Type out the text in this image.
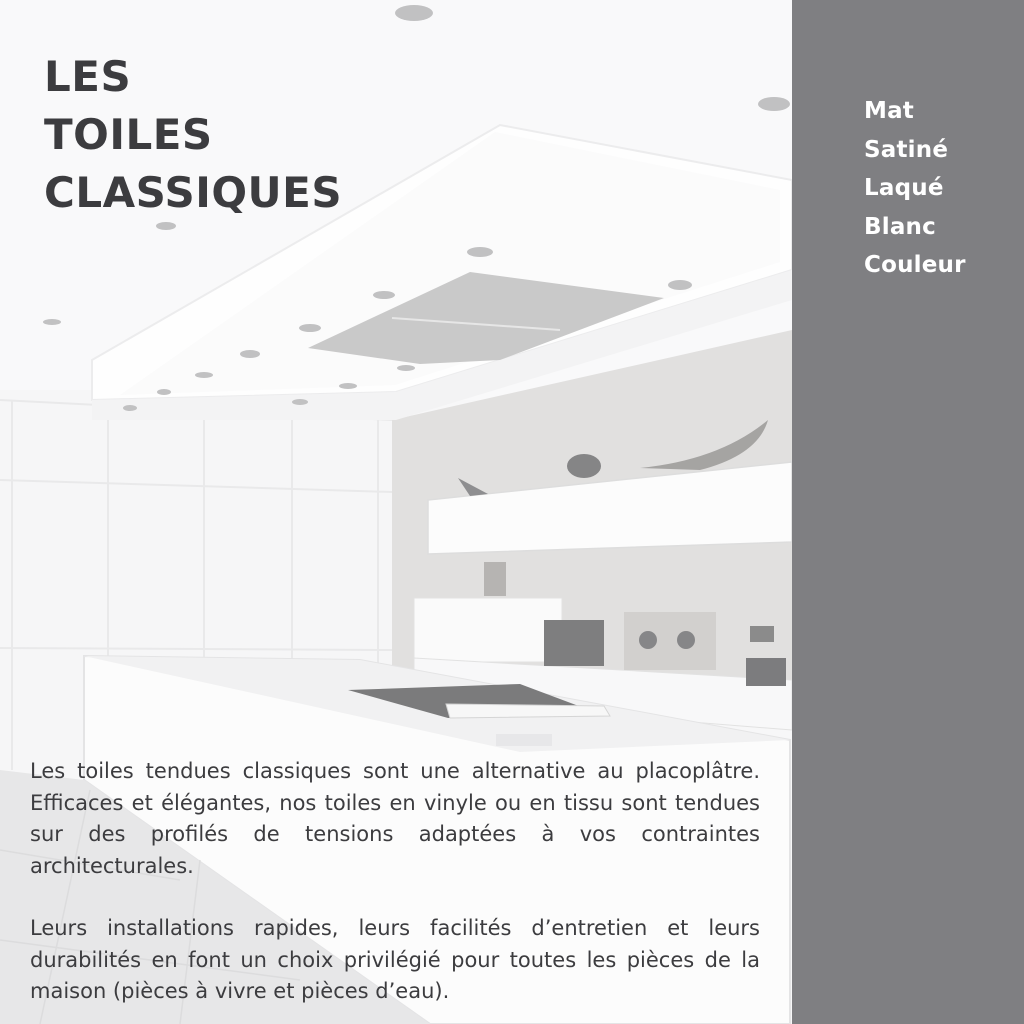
LES
TOILES
CLASSIQUES
Mat
Satiné
Laqué
Blanc
Couleur

Les toiles tendues classiques sont une alternative au placoplâtre. Efficaces et élégantes, nos toiles en vinyle ou en tissu sont tendues sur des profilés de tensions adaptées à vos contraintes architecturales.

Leurs installations rapides, leurs facilités d’entretien et leurs durabilités en font un choix privilégié pour toutes les pièces de la maison (pièces à vivre et pièces d’eau).
